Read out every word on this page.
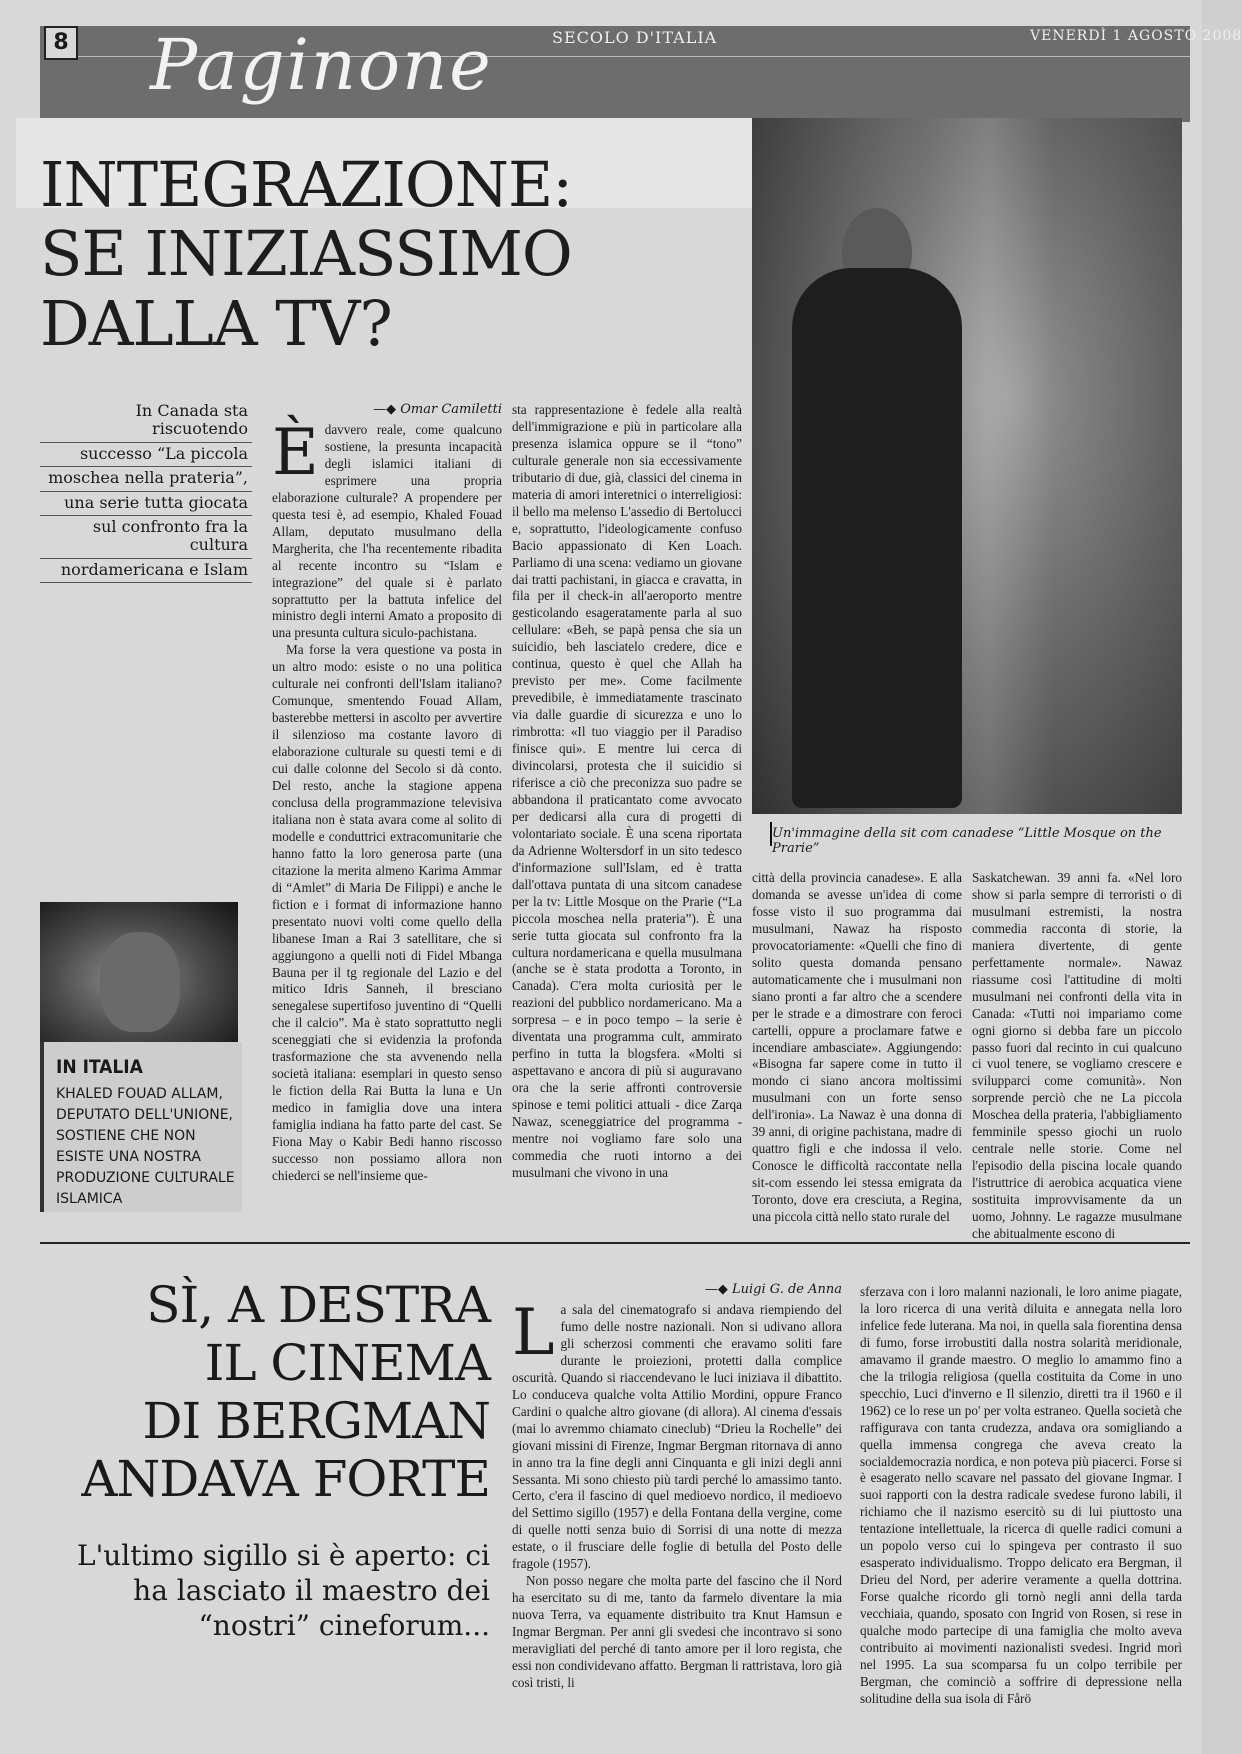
8 Paginone	SECOLO D'ITALIA	VENERDÌ 1 AGOSTO 2008
INTEGRAZIONE:
SE INIZIASSIMO
DALLA TV?
Un'immagine della sit com canadese “Little Mosque on the Prarie”
In Canada sta riscuotendo
successo “La piccola
moschea nella prateria”,
una serie tutta giocata
sul confronto fra la cultura
nordamericana e Islam
—◆ Omar Camiletti

Èdavvero reale, come qualcuno sostiene, la presunta incapacità degli islamici italiani di esprimere una propria elaborazione culturale? A propendere per questa tesi è, ad esempio, Khaled Fouad Allam, deputato musulmano della Margherita, che l'ha recentemente ribadita al recente incontro su “Islam e integrazione” del quale si è parlato soprattutto per la battuta infelice del ministro degli interni Amato a proposito di una presunta cultura siculo-pachistana.

Ma forse la vera questione va posta in un altro modo: esiste o no una politica culturale nei confronti dell'Islam italiano? Comunque, smentendo Fouad Allam, basterebbe mettersi in ascolto per avvertire il silenzioso ma costante lavoro di elaborazione culturale su questi temi e di cui dalle colonne del Secolo si dà conto. Del resto, anche la stagione appena conclusa della programmazione televisiva italiana non è stata avara come al solito di modelle e conduttrici extracomunitarie che hanno fatto la loro generosa parte (una citazione la merita almeno Karima Ammar di “Amlet” di Maria De Filippi) e anche le fiction e i format di informazione hanno presentato nuovi volti come quello della libanese Iman a Rai 3 satellitare, che si aggiungono a quelli noti di Fidel Mbanga Bauna per il tg regionale del Lazio e del mitico Idris Sanneh, il bresciano senegalese supertifoso juventino di “Quelli che il calcio”. Ma è stato soprattutto negli sceneggiati che si evidenzia la profonda trasformazione che sta avvenendo nella società italiana: esemplari in questo senso le fiction della Rai Butta la luna e Un medico in famiglia dove una intera famiglia indiana ha fatto parte del cast. Se Fiona May o Kabir Bedi hanno riscosso successo non possiamo allora non chiederci se nell'insieme que-

sta rappresentazione è fedele alla realtà dell'immigrazione e più in particolare alla presenza islamica oppure se il “tono” culturale generale non sia eccessivamente tributario di due, già, classici del cinema in materia di amori interetnici o interreligiosi: il bello ma melenso L'assedio di Bertolucci e, soprattutto, l'ideologicamente confuso Bacio appassionato di Ken Loach. Parliamo di una scena: vediamo un giovane dai tratti pachistani, in giacca e cravatta, in fila per il check-in all'aeroporto mentre gesticolando esageratamente parla al suo cellulare: «Beh, se papà pensa che sia un suicidio, beh lasciatelo credere, dice e continua, questo è quel che Allah ha previsto per me». Come facilmente prevedibile, è immediatamente trascinato via dalle guardie di sicurezza e uno lo rimbrotta: «Il tuo viaggio per il Paradiso finisce qui». E mentre lui cerca di divincolarsi, protesta che il suicidio si riferisce a ciò che preconizza suo padre se abbandona il praticantato come avvocato per dedicarsi alla cura di progetti di volontariato sociale. È una scena riportata da Adrienne Woltersdorf in un sito tedesco d'informazione sull'Islam, ed è tratta dall'ottava puntata di una sitcom canadese per la tv: Little Mosque on the Prarie (“La piccola moschea nella prateria”). È una serie tutta giocata sul confronto fra la cultura nordamericana e quella musulmana (anche se è stata prodotta a Toronto, in Canada). C'era molta curiosità per le reazioni del pubblico nordamericano. Ma a sorpresa – e in poco tempo – la serie è diventata una programma cult, ammirato perfino in tutta la blogsfera. «Molti si aspettavano e ancora di più si auguravano ora che la serie affronti controversie spinose e temi politici attuali - dice Zarqa Nawaz, sceneggiatrice del programma - mentre noi vogliamo fare solo una commedia che ruoti intorno a dei musulmani che vivono in una

città della provincia canadese». E alla domanda se avesse un'idea di come fosse visto il suo programma dai musulmani, Nawaz ha risposto provocatoriamente: «Quelli che fino di solito questa domanda pensano automaticamente che i musulmani non siano pronti a far altro che a scendere per le strade e a dimostrare con feroci cartelli, oppure a proclamare fatwe e incendiare ambasciate». Aggiungendo: «Bisogna far sapere come in tutto il mondo ci siano ancora moltissimi musulmani con un forte senso dell'ironia». La Nawaz è una donna di 39 anni, di origine pachistana, madre di quattro figli e che indossa il velo. Conosce le difficoltà raccontate nella sit-com essendo lei stessa emigrata da Toronto, dove era cresciuta, a Regina, una piccola città nello stato rurale del

Saskatchewan. 39 anni fa. «Nel loro show si parla sempre di terroristi o di musulmani estremisti, la nostra commedia racconta di storie, la maniera divertente, di gente perfettamente normale». Nawaz riassume così l'attitudine di molti musulmani nei confronti della vita in Canada: «Tutti noi impariamo come ogni giorno si debba fare un piccolo passo fuori dal recinto in cui qualcuno ci vuol tenere, se vogliamo crescere e svilupparci come comunità». Non sorprende perciò che ne La piccola Moschea della prateria, l'abbigliamento femminile spesso giochi un ruolo centrale nelle storie. Come nel l'episodio della piscina locale quando l'istruttrice di aerobica acquatica viene sostituita improvvisamente da un uomo, Johnny. Le ragazze musulmane che abitualmente escono di

IN ITALIA
KHALED FOUAD ALLAM, DEPUTATO DELL'UNIONE, SOSTIENE CHE NON ESISTE UNA NOSTRA PRODUZIONE CULTURALE ISLAMICA
SÌ, A DESTRA
IL CINEMA
DI BERGMAN
ANDAVA FORTE
L'ultimo sigillo si è aperto: ci ha lasciato il maestro dei “nostri” cineforum...
—◆ Luigi G. de Anna

La sala del cinematografo si andava riempiendo del fumo delle nostre nazionali. Non si udivano allora gli scherzosi commenti che eravamo soliti fare durante le proiezioni, protetti dalla complice oscurità. Quando si riaccendevano le luci iniziava il dibattito. Lo conduceva qualche volta Attilio Mordini, oppure Franco Cardini o qualche altro giovane (di allora). Al cinema d'essais (mai lo avremmo chiamato cineclub) “Drieu la Rochelle” dei giovani missini di Firenze, Ingmar Bergman ritornava di anno in anno tra la fine degli anni Cinquanta e gli inizi degli anni Sessanta. Mi sono chiesto più tardi perché lo amassimo tanto. Certo, c'era il fascino di quel medioevo nordico, il medioevo del Settimo sigillo (1957) e della Fontana della vergine, come di quelle notti senza buio di Sorrisi di una notte di mezza estate, o il frusciare delle foglie di betulla del Posto delle fragole (1957).

Non posso negare che molta parte del fascino che il Nord ha esercitato su di me, tanto da farmelo diventare la mia nuova Terra, va equamente distribuito tra Knut Hamsun e Ingmar Bergman. Per anni gli svedesi che incontravo si sono meravigliati del perché di tanto amore per il loro regista, che essi non condividevano affatto. Bergman li rattristava, loro già così tristi, li

sferzava con i loro malanni nazionali, le loro anime piagate, la loro ricerca di una verità diluita e annegata nella loro infelice fede luterana. Ma noi, in quella sala fiorentina densa di fumo, forse irrobustiti dalla nostra solarità meridionale, amavamo il grande maestro. O meglio lo amammo fino a che la trilogia religiosa (quella costituita da Come in uno specchio, Luci d'inverno e Il silenzio, diretti tra il 1960 e il 1962) ce lo rese un po' per volta estraneo. Quella società che raffigurava con tanta crudezza, andava ora somigliando a quella immensa congrega che aveva creato la socialdemocrazia nordica, e non poteva più piacerci. Forse si è esagerato nello scavare nel passato del giovane Ingmar. I suoi rapporti con la destra radicale svedese furono labili, il richiamo che il nazismo esercitò su di lui piuttosto una tentazione intellettuale, la ricerca di quelle radici comuni a un popolo verso cui lo spingeva per contrasto il suo esasperato individualismo. Troppo delicato era Bergman, il Drieu del Nord, per aderire veramente a quella dottrina. Forse qualche ricordo gli tornò negli anni della tarda vecchiaia, quando, sposato con Ingrid von Rosen, si rese in qualche modo partecipe di una famiglia che molto aveva contribuito ai movimenti nazionalisti svedesi. Ingrid morì nel 1995. La sua scomparsa fu un colpo terribile per Bergman, che cominciò a soffrire di depressione nella solitudine della sua isola di Fårö
